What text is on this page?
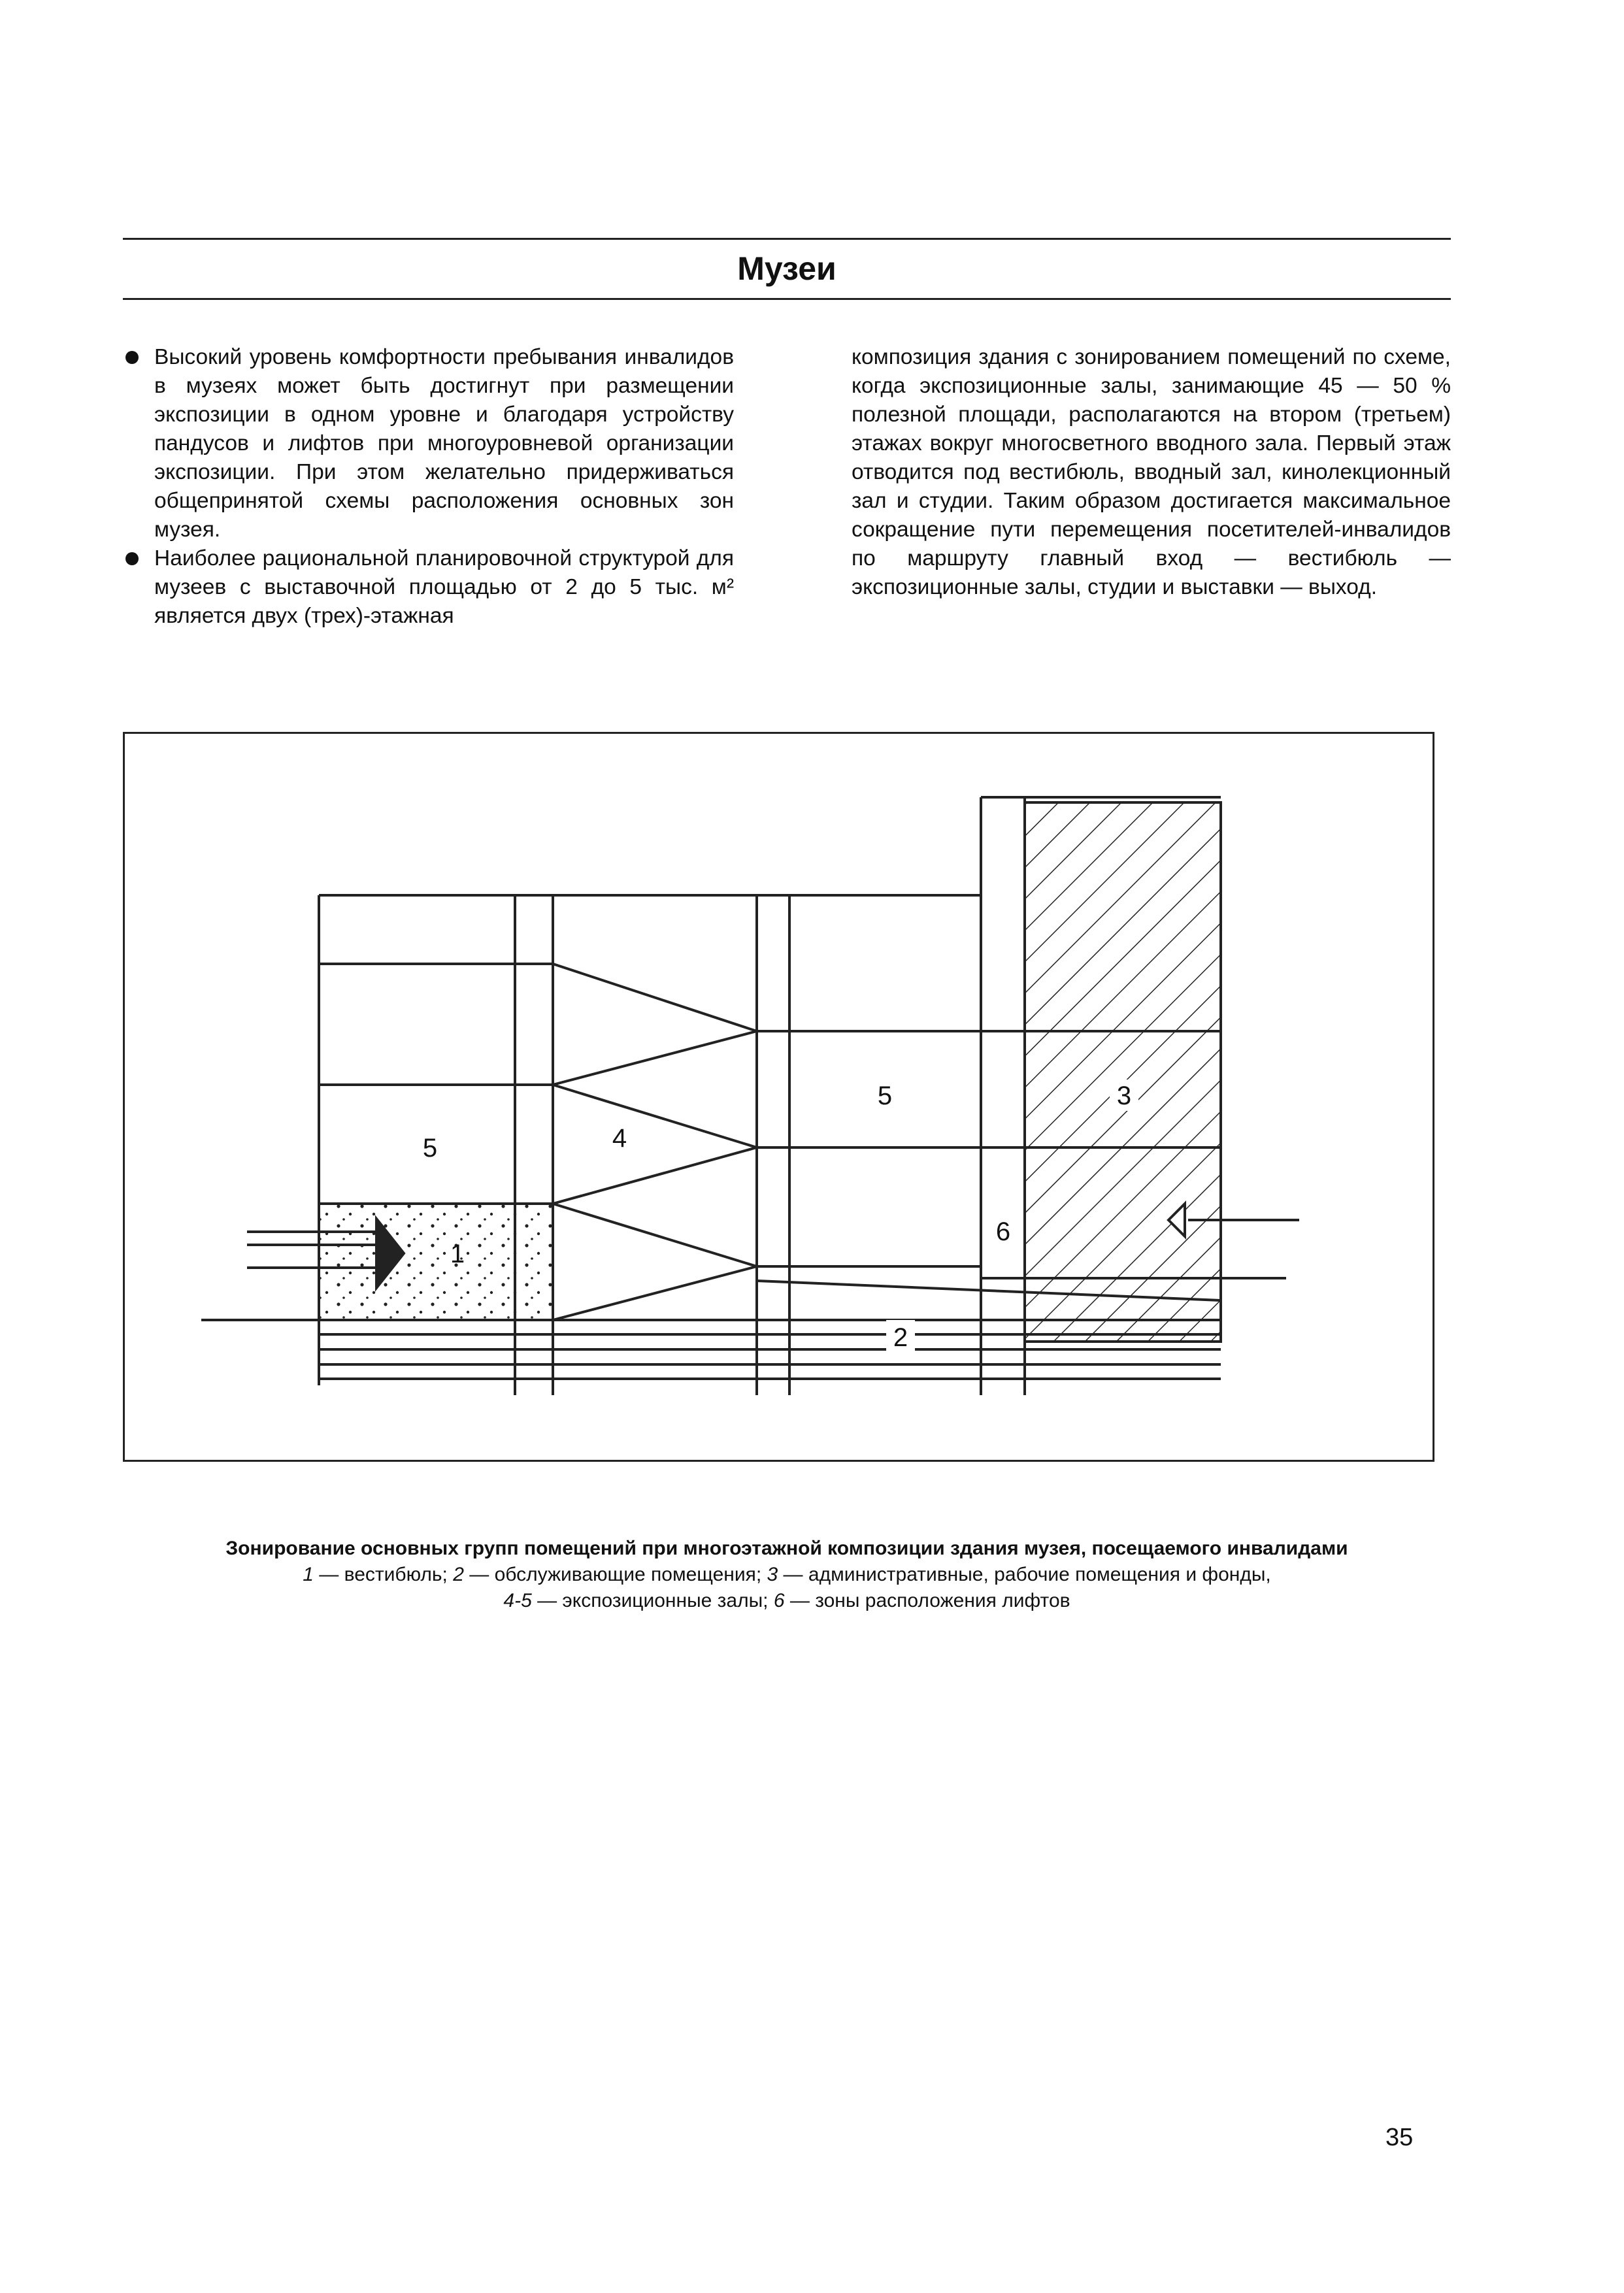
Музеи

Высокий уровень комфортности пребывания инвалидов в музеях может быть достигнут при размещении экспозиции в одном уровне и благодаря устройству пандусов и лифтов при многоуровневой организации экспозиции. При этом желательно придерживаться общепринятой схемы расположения основных зон музея.

Наиболее рациональной планировочной структурой для музеев с выставочной площадью от 2 до 5 тыс. м² является двух (трех)-этажная

композиция здания с зонированием помещений по схеме, когда экспозиционные залы, занимающие 45 — 50 % полезной площади, располагаются на втором (третьем) этажах вокруг многосветного вводного зала. Первый этаж отводится под вестибюль, вводный зал, кинолекционный зал и студии. Таким образом достигается максимальное сокращение пути перемещения посетителей-инвалидов по маршруту главный вход — вестибюль — экспозиционные залы, студии и выставки — выход.

5	4
5	3
1
6
2

Зонирование основных групп помещений при многоэтажной композиции здания музея, посещаемого инвалидами

1 — вестибюль; 2 — обслуживающие помещения; 3 — административные, рабочие помещения и фонды,
4-5 — экспозиционные залы; 6 — зоны расположения лифтов

35
